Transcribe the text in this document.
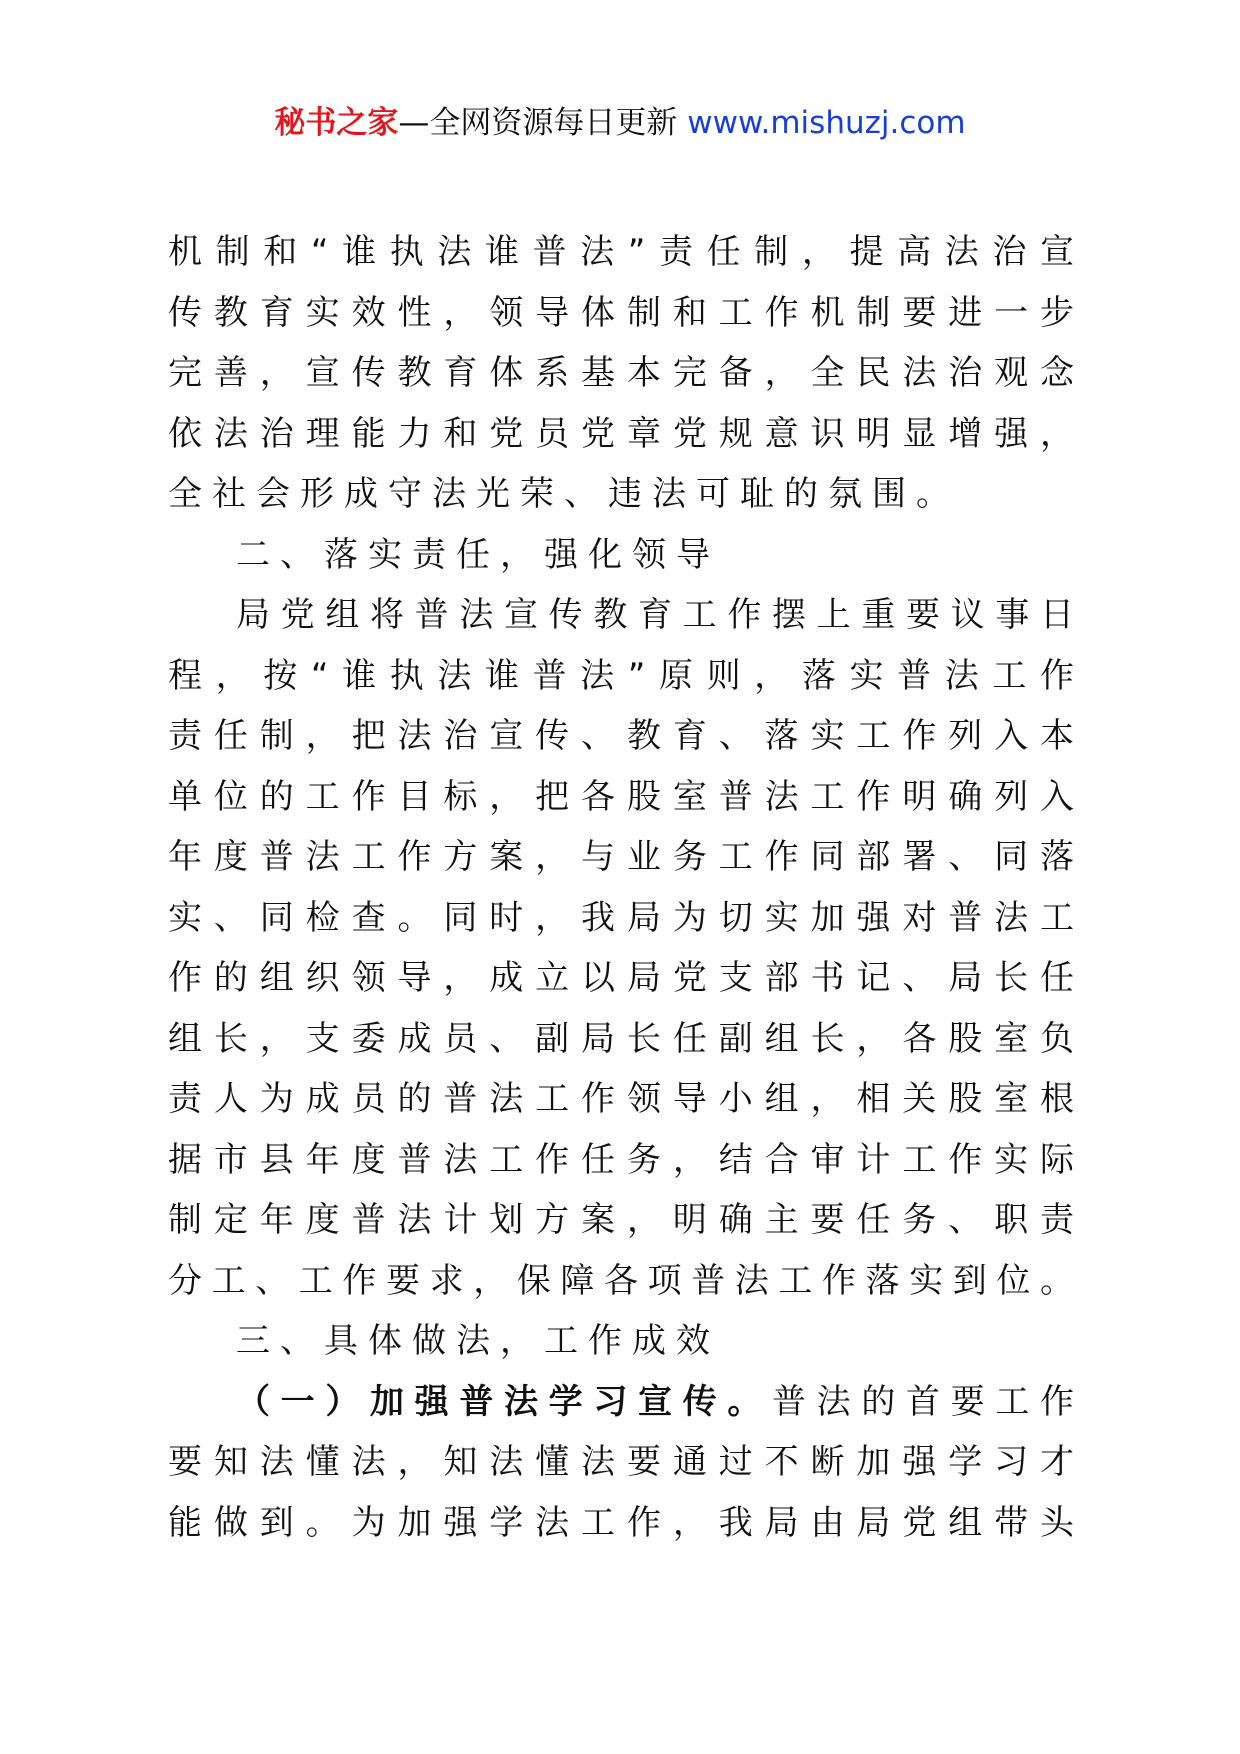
秘书之家—全网资源每日更新 www.mishuzj.com
机制和“谁执法谁普法”责任制，提高法治宣
传教育实效性，领导体制和工作机制要进一步
完善，宣传教育体系基本完备，全民法治观念
依法治理能力和党员党章党规意识明显增强，
全社会形成守法光荣、违法可耻的氛围。
二、落实责任，强化领导
局党组将普法宣传教育工作摆上重要议事日
程，按“谁执法谁普法”原则，落实普法工作
责任制，把法治宣传、教育、落实工作列入本
单位的工作目标，把各股室普法工作明确列入
年度普法工作方案，与业务工作同部署、同落
实、同检查。同时，我局为切实加强对普法工
作的组织领导，成立以局党支部书记、局长任
组长，支委成员、副局长任副组长，各股室负
责人为成员的普法工作领导小组，相关股室根
据市县年度普法工作任务，结合审计工作实际
制定年度普法计划方案，明确主要任务、职责
分工、工作要求，保障各项普法工作落实到位。
三、具体做法，工作成效
（一）加强普法学习宣传。普法的首要工作
要知法懂法，知法懂法要通过不断加强学习才
能做到。为加强学法工作，我局由局党组带头
